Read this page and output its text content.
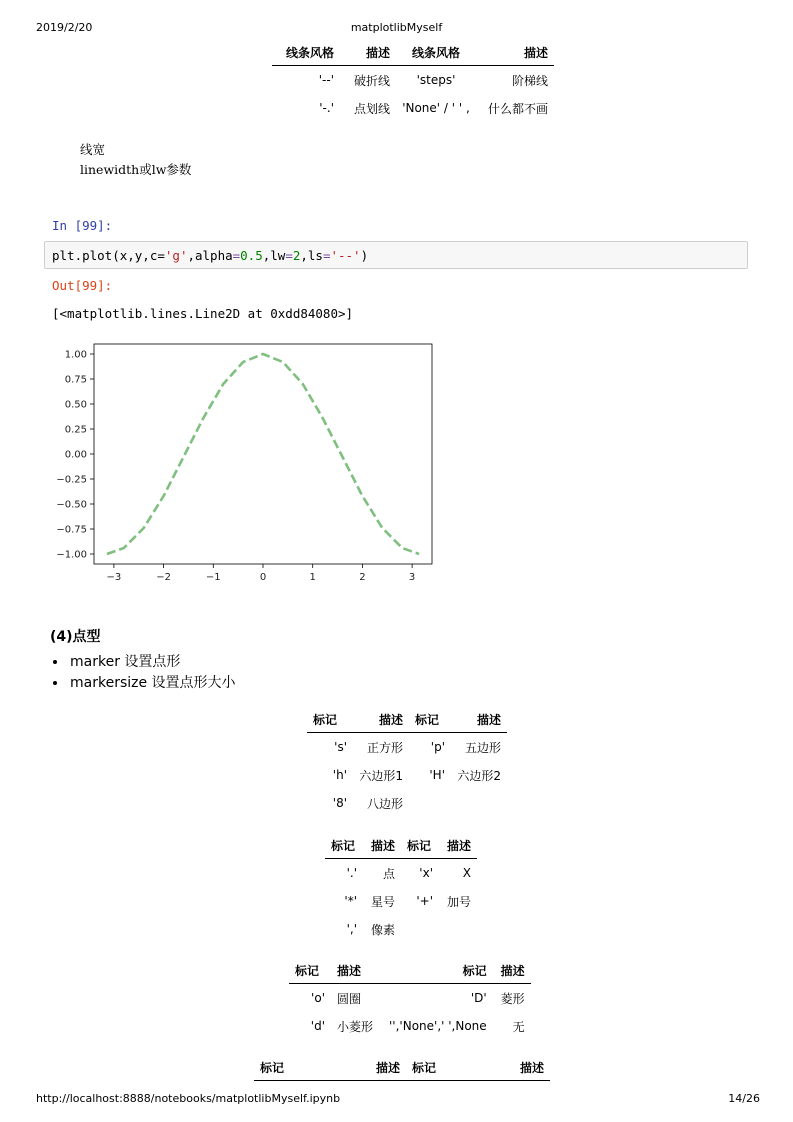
2019/2/20	matplotlibMyself
线条风格	描述	线条风格	描述
'--'	破折线	'steps'	阶梯线
'-.'	点划线	'None' / ' ' ,	什么都不画
线宽
linewidth或lw参数
In [99]:
plt.plot(x,y,c='g',alpha=0.5,lw=2,ls='--')
Out[99]:
[<matplotlib.lines.Line2D at 0xdd84080>]
−3	−2	−1	0	1	2	3
1.00
0.75
0.50
0.25
0.00
−0.25
−0.50
−0.75
−1.00
(4)点型
• marker 设置点形
• markersize 设置点形大小
标记	描述	标记	描述
's'	正方形	'p'	五边形
'h'	六边形1	'H'	六边形2
'8'	八边形		
标记	描述	标记	描述
'.'	点	'x'	X
'*'	星号	'+'	加号
','	像素		
标记	描述	标记	描述
'o'	圆圈	'D'	菱形
'd'	小菱形	'','None',' ',None	无
标记	描述	标记	描述
http://localhost:8888/notebooks/matplotlibMyself.ipynb	14/26
